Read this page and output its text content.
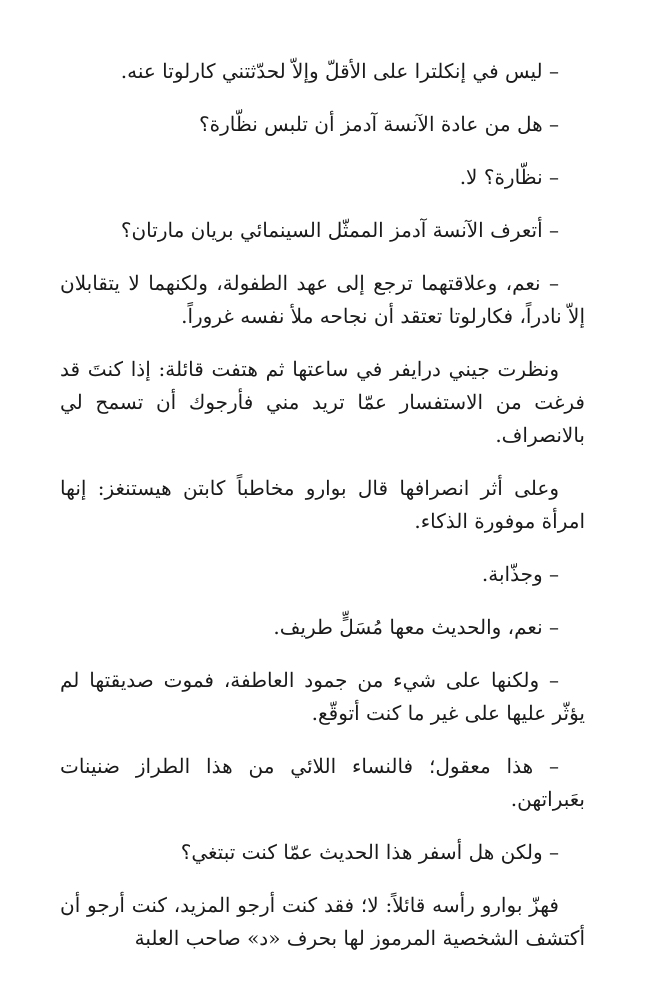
– ليس في إنكلترا على الأقلّ وإلاّ لحدّثتني كارلوتا عنه.

– هل من عادة الآنسة آدمز أن تلبس نظّارة؟

– نظّارة؟ لا.

– أتعرف الآنسة آدمز الممثّل السينمائي بريان مارتان؟

– نعم، وعلاقتهما ترجع إلى عهد الطفولة، ولكنهما لا يتقابلان إلاّ نادراً، فكارلوتا تعتقد أن نجاحه ملأ نفسه غروراً.

ونظرت جيني درايفر في ساعتها ثم هتفت قائلة: إذا كنتَ قد فرغت من الاستفسار عمّا تريد مني فأرجوك أن تسمح لي بالانصراف.

وعلى أثر انصرافها قال بوارو مخاطباً كابتن هيستنغز: إنها امرأة موفورة الذكاء.

– وجذّابة.

– نعم، والحديث معها مُسَلٍّ طريف.

– ولكنها على شيء من جمود العاطفة، فموت صديقتها لم يؤثّر عليها على غير ما كنت أتوقّع.

– هذا معقول؛ فالنساء اللائي من هذا الطراز ضنينات بعَبراتهن.

– ولكن هل أسفر هذا الحديث عمّا كنت تبتغي؟

فهزّ بوارو رأسه قائلاً: لا؛ فقد كنت أرجو المزيد، كنت أرجو أن أكتشف الشخصية المرموز لها بحرف «د» صاحب العلبة
